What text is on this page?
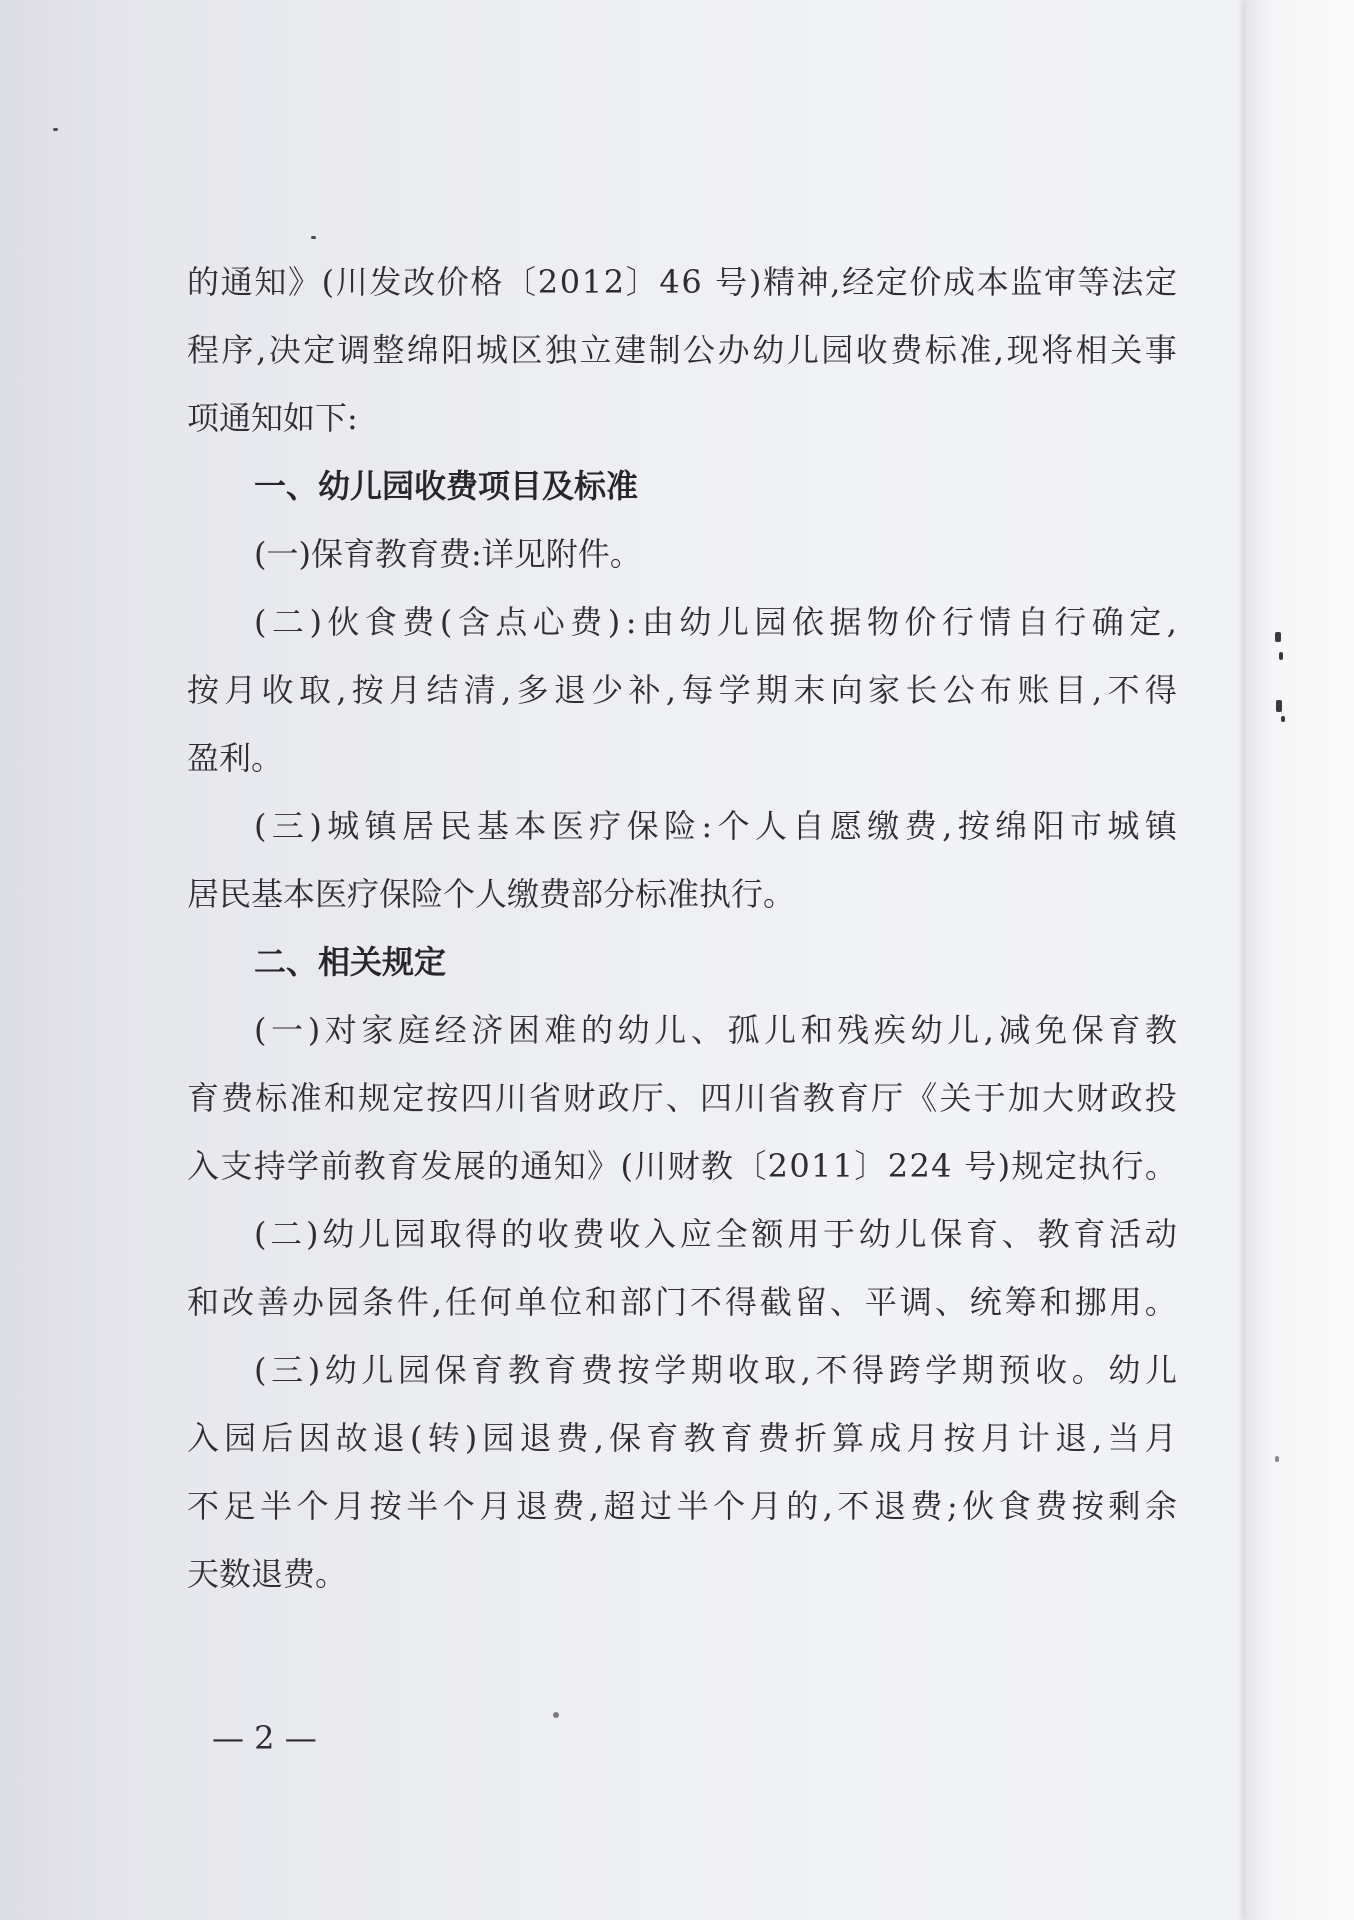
的 通 知 》 ( 川 发 改 价 格 〔 2 0 1 2 〕 4 6
号 ) 精 神 , 经 定 价 成 本 监 审 等 法 定
程 序 , 决 定 调 整 绵 阳 城 区 独 立 建 制 公 办 幼 儿 园 收 费 标 准 , 现 将 相 关 事
项通知如下:
一、幼儿园收费项目及标准
(一)保育教育费:详见附件。
( 二 ) 伙 食 费 ( 含 点 心 费 ) : 由 幼 儿 园 依 据 物 价 行 情 自 行 确 定 ,
按 月 收 取 , 按 月 结 清 , 多 退 少 补 , 每 学 期 末 向 家 长 公 布 账 目 , 不 得
盈利。
( 三 ) 城 镇 居 民 基 本 医 疗 保 险 : 个 人 自 愿 缴 费 , 按 绵 阳 市 城 镇
居民基本医疗保险个人缴费部分标准执行。
二、相关规定
( 一 ) 对 家 庭 经 济 困 难 的 幼 儿 、 孤 儿 和 残 疾 幼 儿 , 减 免 保 育 教
育 费 标 准 和 规 定 按 四 川 省 财 政 厅 、 四 川 省 教 育 厅 《 关 于 加 大 财 政 投
入 支 持 学 前 教 育 发 展 的 通 知 》 ( 川 财 教 〔 2 0 1 1 〕 2 2 4
号 ) 规 定 执 行 。
( 二 ) 幼 儿 园 取 得 的 收 费 收 入 应 全 额 用 于 幼 儿 保 育 、 教 育 活 动
和 改 善 办 园 条 件 , 任 何 单 位 和 部 门 不 得 截 留 、 平 调 、 统 筹 和 挪 用 。
( 三 ) 幼 儿 园 保 育 教 育 费 按 学 期 收 取 , 不 得 跨 学 期 预 收 。 幼 儿
入 园 后 因 故 退 ( 转 ) 园 退 费 , 保 育 教 育 费 折 算 成 月 按 月 计 退 , 当 月
不 足 半 个 月 按 半 个 月 退 费 , 超 过 半 个 月 的 , 不 退 费 ; 伙 食 费 按 剩 余
天数退费。
— 2 —
